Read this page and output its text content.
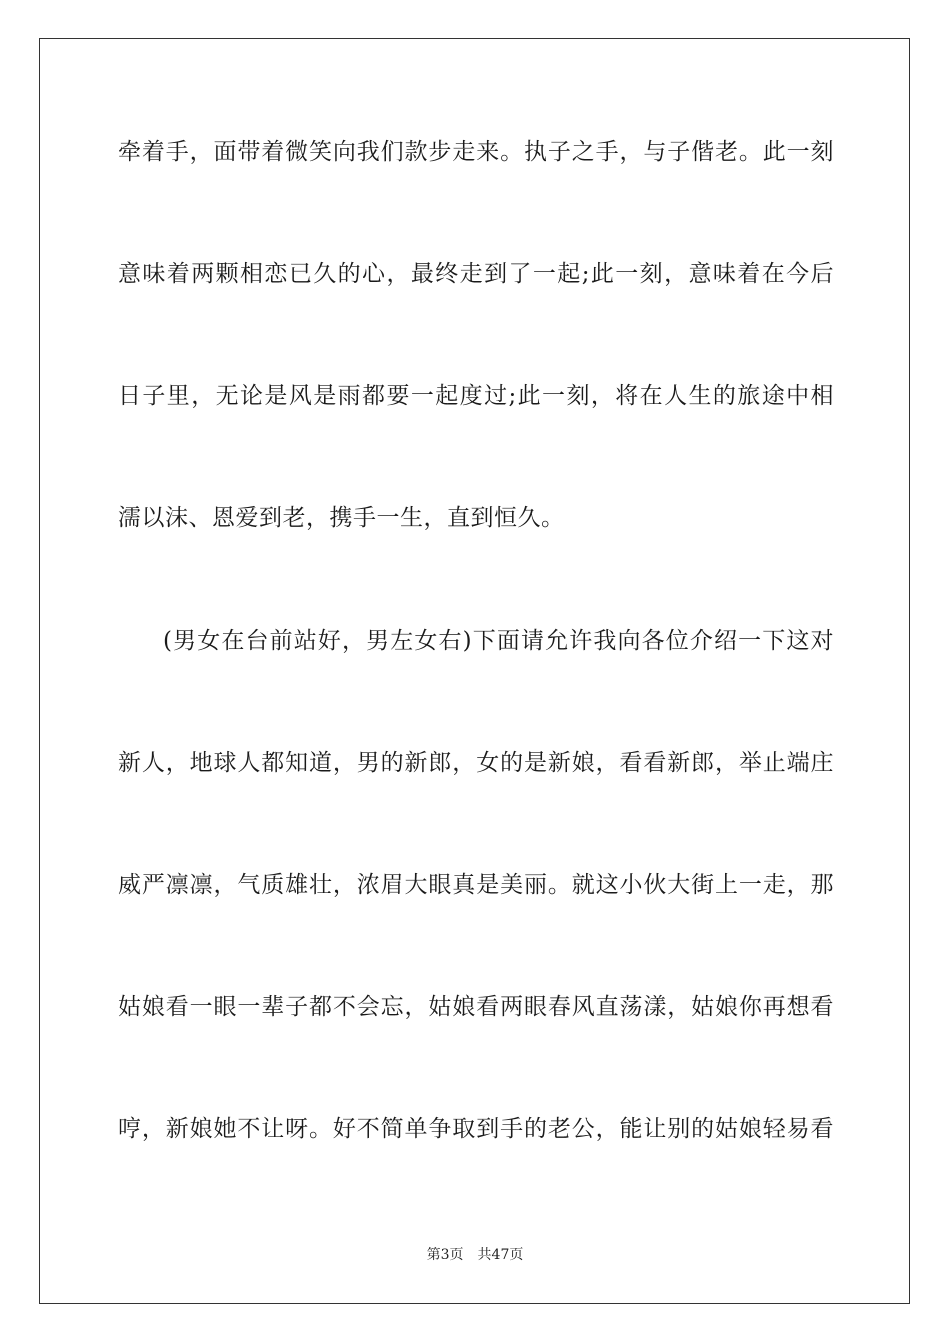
牵着手，面带着微笑向我们款步走来。执子之手，与子偕老。此一刻
意味着两颗相恋已久的心，最终走到了一起;此一刻，意味着在今后
日子里，无论是风是雨都要一起度过;此一刻，将在人生的旅途中相
濡以沫、恩爱到老，携手一生，直到恒久。
(男女在台前站好，男左女右)下面请允许我向各位介绍一下这对
新人，地球人都知道，男的新郎，女的是新娘，看看新郎，举止端庄
威严凛凛，气质雄壮，浓眉大眼真是美丽。就这小伙大街上一走，那
姑娘看一眼一辈子都不会忘，姑娘看两眼春风直荡漾，姑娘你再想看
哼，新娘她不让呀。好不简单争取到手的老公，能让别的姑娘轻易看
第3页 共47页
